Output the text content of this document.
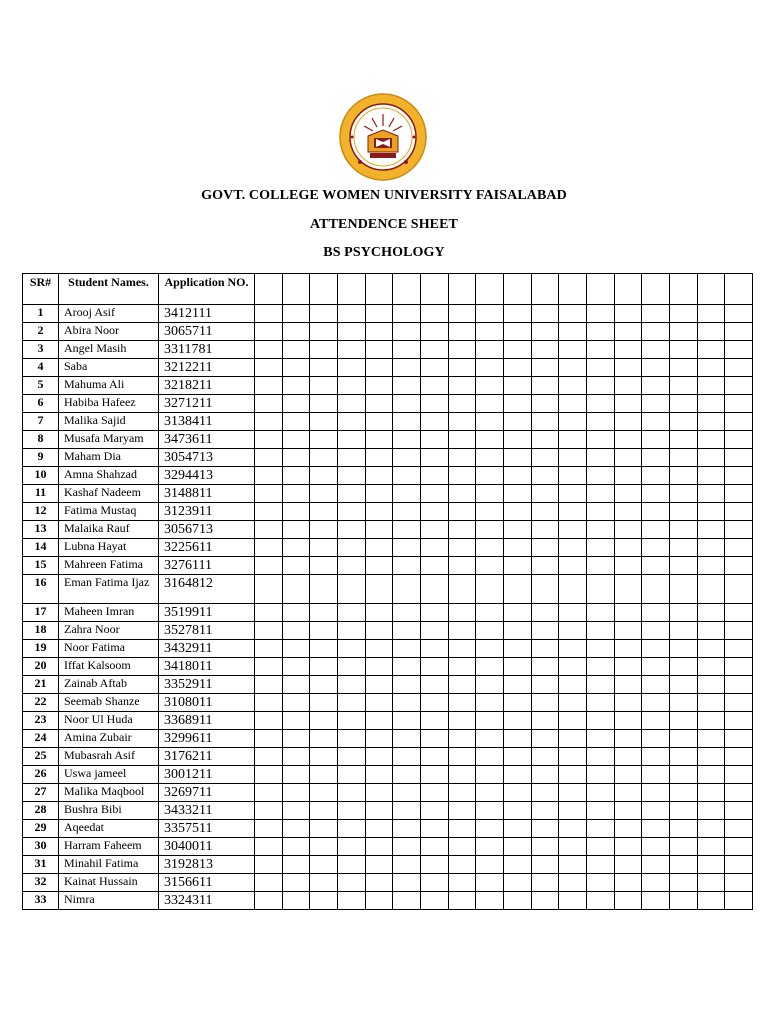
GOVT. COLLEGE WOMEN UNIVERSITY FAISALABAD
ATTENDENCE SHEET
BS PSYCHOLOGY
SR#	Student Names.	Application NO.																		
1	Arooj Asif	3412111																		
2	Abira Noor	3065711																		
3	Angel Masih	3311781																		
4	Saba	3212211																		
5	Mahuma Ali	3218211																		
6	Habiba Hafeez	3271211																		
7	Malika Sajid	3138411																		
8	Musafa Maryam	3473611																		
9	Maham Dia	3054713																		
10	Amna Shahzad	3294413																		
11	Kashaf Nadeem	3148811																		
12	Fatima Mustaq	3123911																		
13	Malaika Rauf	3056713																		
14	Lubna Hayat	3225611																		
15	Mahreen Fatima	3276111																		
16	Eman Fatima Ijaz	3164812																		
17	Maheen Imran	3519911																		
18	Zahra Noor	3527811																		
19	Noor Fatima	3432911																		
20	Iffat Kalsoom	3418011																		
21	Zainab Aftab	3352911																		
22	Seemab Shanze	3108011																		
23	Noor Ul Huda	3368911																		
24	Amina Zubair	3299611																		
25	Mubasrah Asif	3176211																		
26	Uswa jameel	3001211																		
27	Malika Maqbool	3269711																		
28	Bushra Bibi	3433211																		
29	Aqeedat	3357511																		
30	Harram Faheem	3040011																		
31	Minahil Fatima	3192813																		
32	Kainat Hussain	3156611																		
33	Nimra	3324311																		
